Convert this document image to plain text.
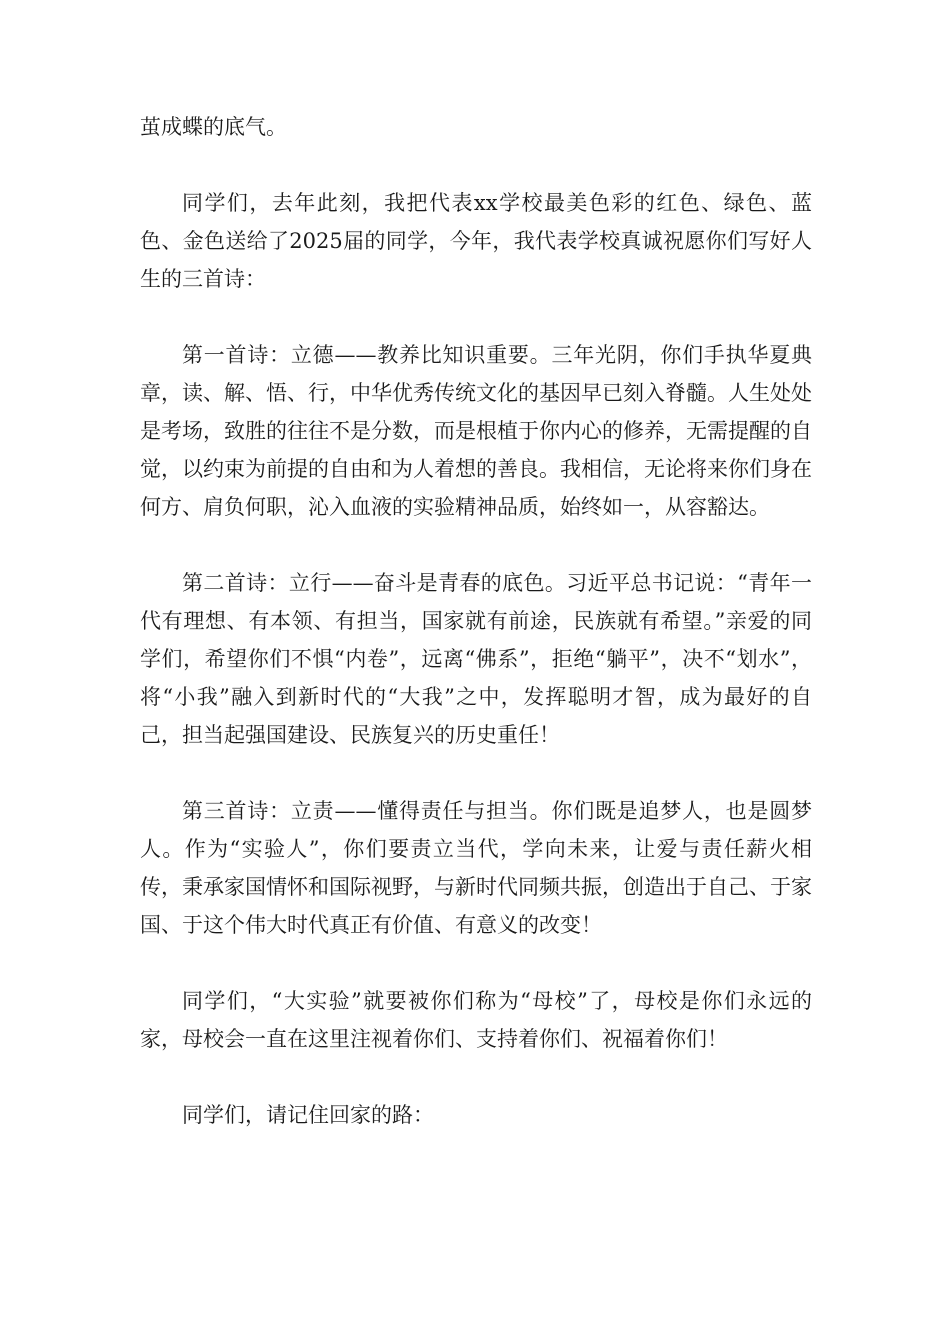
茧成蝶的底气。

同学们，去年此刻，我把代表xx学校最美色彩的红色、绿色、蓝色、金色送给了2025届的同学，今年，我代表学校真诚祝愿你们写好人生的三首诗：

第一首诗：立德——教养比知识重要。三年光阴，你们手执华夏典章，读、解、悟、行，中华优秀传统文化的基因早已刻入脊髓。人生处处是考场，致胜的往往不是分数，而是根植于你内心的修养，无需提醒的自觉，以约束为前提的自由和为人着想的善良。我相信，无论将来你们身在何方、肩负何职，沁入血液的实验精神品质，始终如一，从容豁达。

第二首诗：立行——奋斗是青春的底色。习近平总书记说：“青年一代有理想、有本领、有担当，国家就有前途，民族就有希望。”亲爱的同学们，希望你们不惧“内卷”，远离“佛系”，拒绝“躺平”，决不“划水”，将“小我”融入到新时代的“大我”之中，发挥聪明才智，成为最好的自己，担当起强国建设、民族复兴的历史重任！

第三首诗：立责——懂得责任与担当。你们既是追梦人，也是圆梦人。作为“实验人”，你们要责立当代，学向未来，让爱与责任薪火相传，秉承家国情怀和国际视野，与新时代同频共振，创造出于自己、于家国、于这个伟大时代真正有价值、有意义的改变！

同学们，“大实验”就要被你们称为“母校”了，母校是你们永远的家，母校会一直在这里注视着你们、支持着你们、祝福着你们！

同学们，请记住回家的路：
